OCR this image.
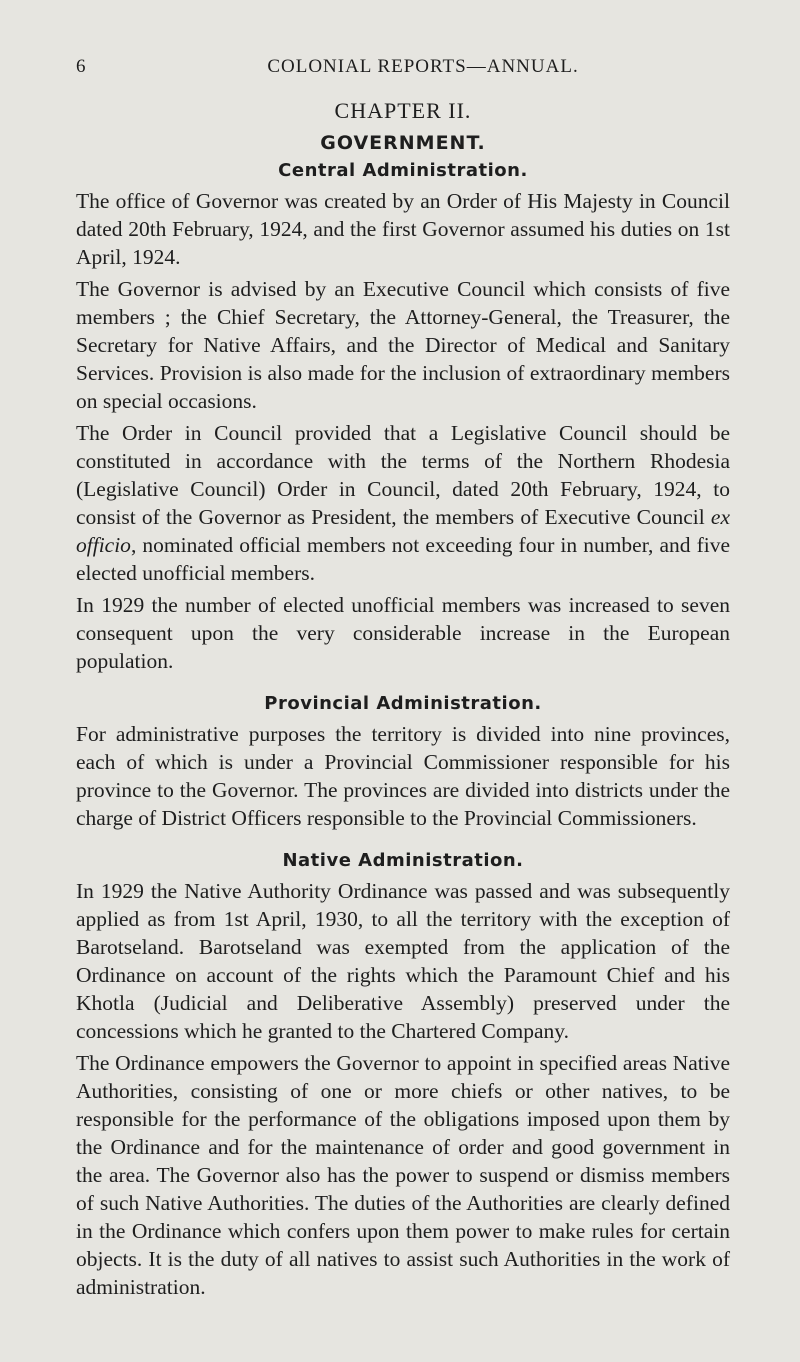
6	COLONIAL REPORTS—ANNUAL.
CHAPTER II.
GOVERNMENT.
Central Administration.

The office of Governor was created by an Order of His Majesty in Council dated 20th February, 1924, and the first Governor assumed his duties on 1st April, 1924.

The Governor is advised by an Executive Council which consists of five members ; the Chief Secretary, the Attorney-General, the Treasurer, the Secretary for Native Affairs, and the Director of Medical and Sanitary Services. Provision is also made for the inclusion of extraordinary members on special occasions.

The Order in Council provided that a Legislative Council should be constituted in accordance with the terms of the Northern Rhodesia (Legislative Council) Order in Council, dated 20th February, 1924, to consist of the Governor as President, the members of Executive Council ex officio, nominated official members not exceeding four in number, and five elected unofficial members.

In 1929 the number of elected unofficial members was increased to seven consequent upon the very considerable increase in the European population.

Provincial Administration.

For administrative purposes the territory is divided into nine provinces, each of which is under a Provincial Commissioner responsible for his province to the Governor. The provinces are divided into districts under the charge of District Officers responsible to the Provincial Commissioners.

Native Administration.

In 1929 the Native Authority Ordinance was passed and was subsequently applied as from 1st April, 1930, to all the territory with the exception of Barotseland. Barotseland was exempted from the application of the Ordinance on account of the rights which the Paramount Chief and his Khotla (Judicial and Deliberative Assembly) preserved under the concessions which he granted to the Chartered Company.

The Ordinance empowers the Governor to appoint in specified areas Native Authorities, consisting of one or more chiefs or other natives, to be responsible for the performance of the obligations imposed upon them by the Ordinance and for the maintenance of order and good government in the area. The Governor also has the power to suspend or dismiss members of such Native Authorities. The duties of the Authorities are clearly defined in the Ordinance which confers upon them power to make rules for certain objects. It is the duty of all natives to assist such Authorities in the work of administration.
